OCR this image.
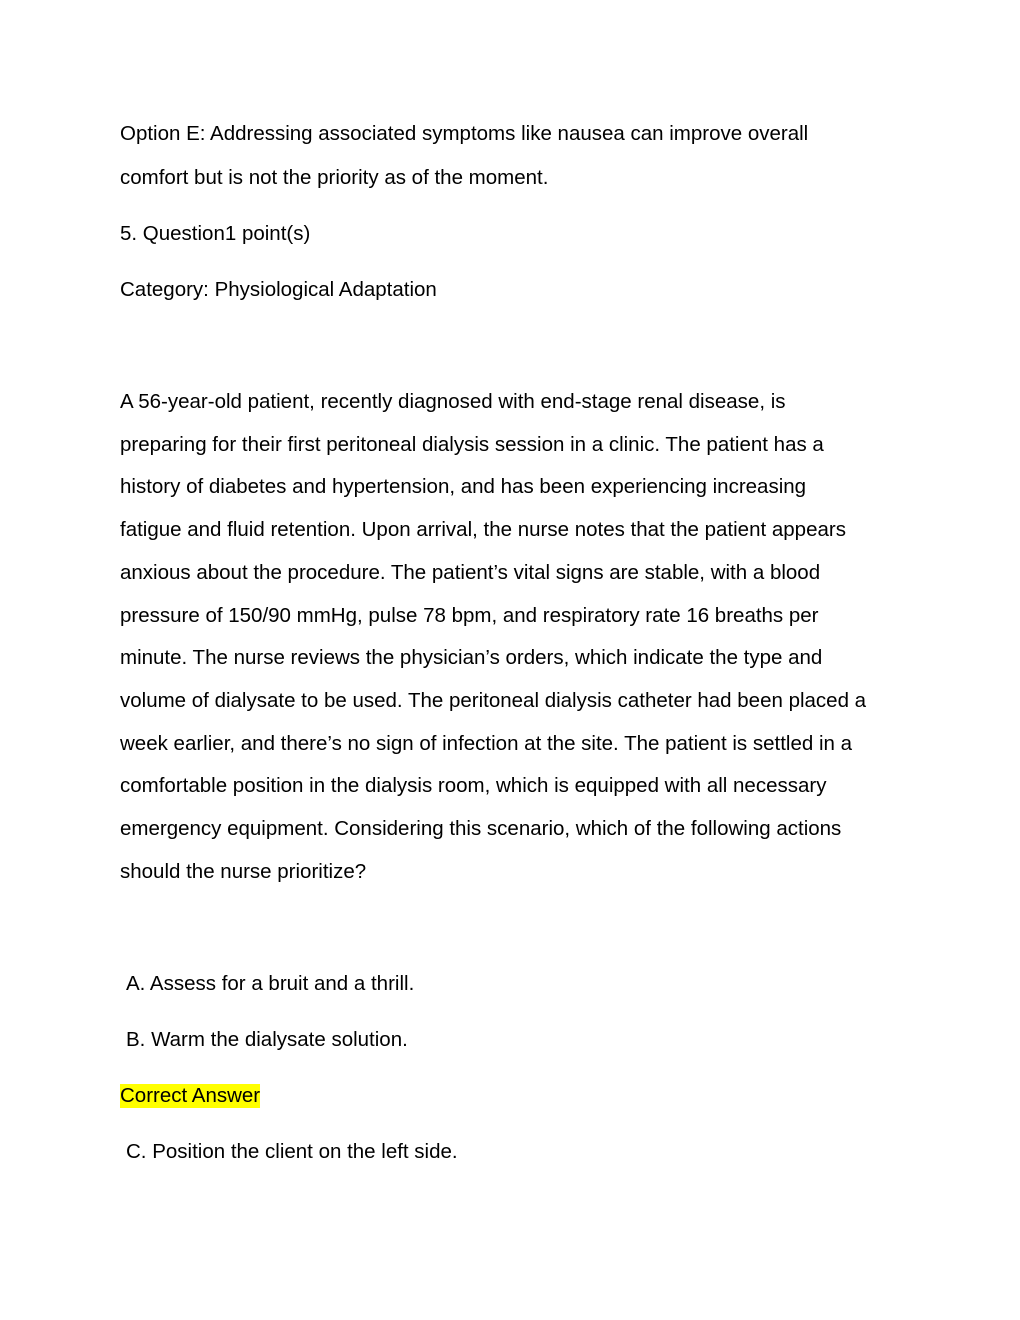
Option E: Addressing associated symptoms like nausea can improve overall
comfort but is not the priority as of the moment.
5. Question1 point(s)
Category: Physiological Adaptation
A 56-year-old patient, recently diagnosed with end-stage renal disease, is
preparing for their first peritoneal dialysis session in a clinic. The patient has a
history of diabetes and hypertension, and has been experiencing increasing
fatigue and fluid retention. Upon arrival, the nurse notes that the patient appears
anxious about the procedure. The patient’s vital signs are stable, with a blood
pressure of 150/90 mmHg, pulse 78 bpm, and respiratory rate 16 breaths per
minute. The nurse reviews the physician’s orders, which indicate the type and
volume of dialysate to be used. The peritoneal dialysis catheter had been placed a
week earlier, and there’s no sign of infection at the site. The patient is settled in a
comfortable position in the dialysis room, which is equipped with all necessary
emergency equipment. Considering this scenario, which of the following actions
should the nurse prioritize?
A. Assess for a bruit and a thrill.
B. Warm the dialysate solution.
Correct Answer
C. Position the client on the left side.
